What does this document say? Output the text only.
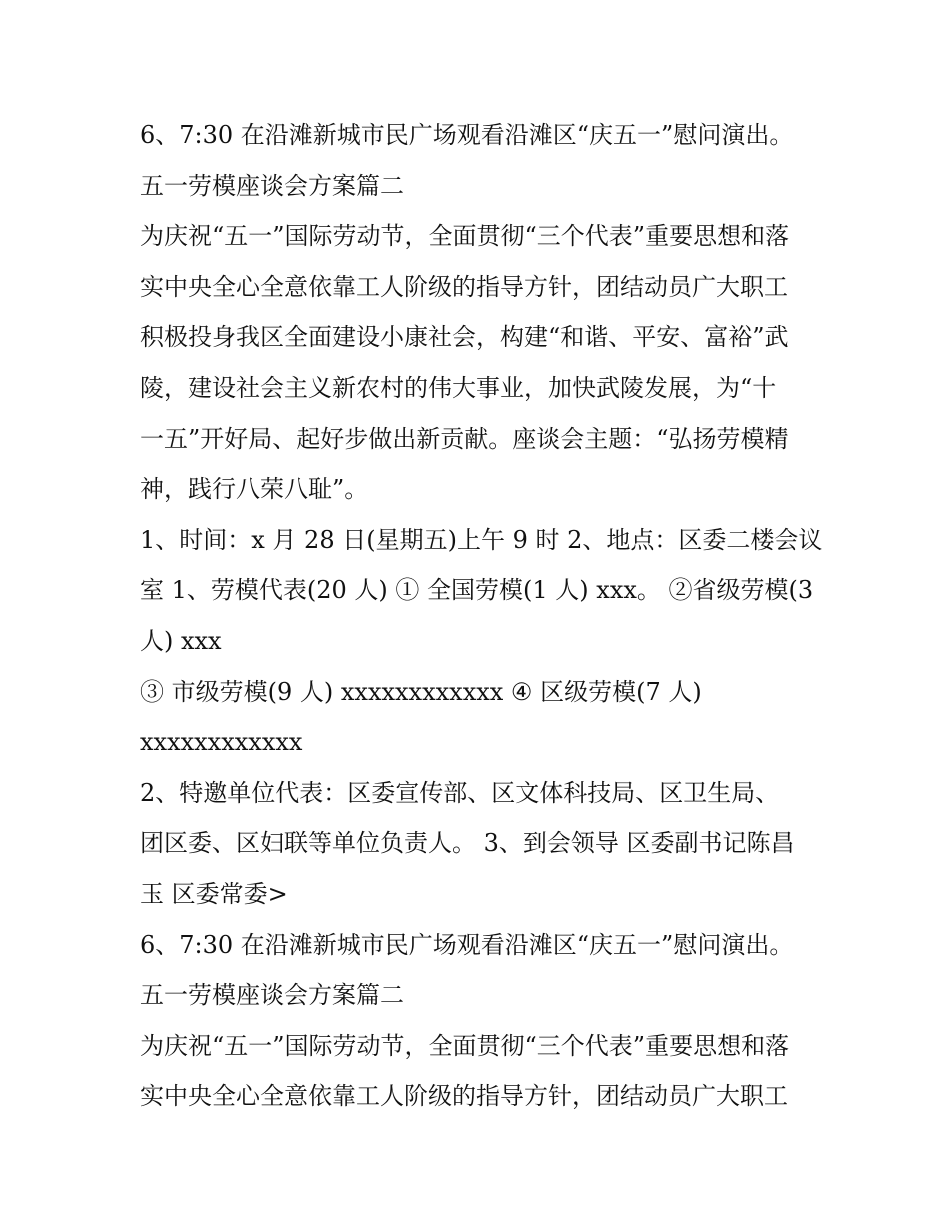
6、7:30 在沿滩新城市民广场观看沿滩区“庆五一”慰问演出。

五一劳模座谈会方案篇二

为庆祝“五一”国际劳动节，全面贯彻“三个代表”重要思想和落

实中央全心全意依靠工人阶级的指导方针，团结动员广大职工

积极投身我区全面建设小康社会，构建“和谐、平安、富裕”武

陵，建设社会主义新农村的伟大事业，加快武陵发展，为“十

一五”开好局、起好步做出新贡献。座谈会主题：“弘扬劳模精

神，践行八荣八耻”。

1、时间：x 月 28 日(星期五)上午 9 时 2、地点：区委二楼会议

室 1、劳模代表(20 人) ① 全国劳模(1 人) xxx。 ②省级劳模(3

人) xxx

③ 市级劳模(9 人) xxxxxxxxxxxx ④ 区级劳模(7 人)

xxxxxxxxxxxx

2、特邀单位代表：区委宣传部、区文体科技局、区卫生局、

团区委、区妇联等单位负责人。 3、到会领导 区委副书记陈昌

玉 区委常委>

6、7:30 在沿滩新城市民广场观看沿滩区“庆五一”慰问演出。

五一劳模座谈会方案篇二

为庆祝“五一”国际劳动节，全面贯彻“三个代表”重要思想和落

实中央全心全意依靠工人阶级的指导方针，团结动员广大职工
